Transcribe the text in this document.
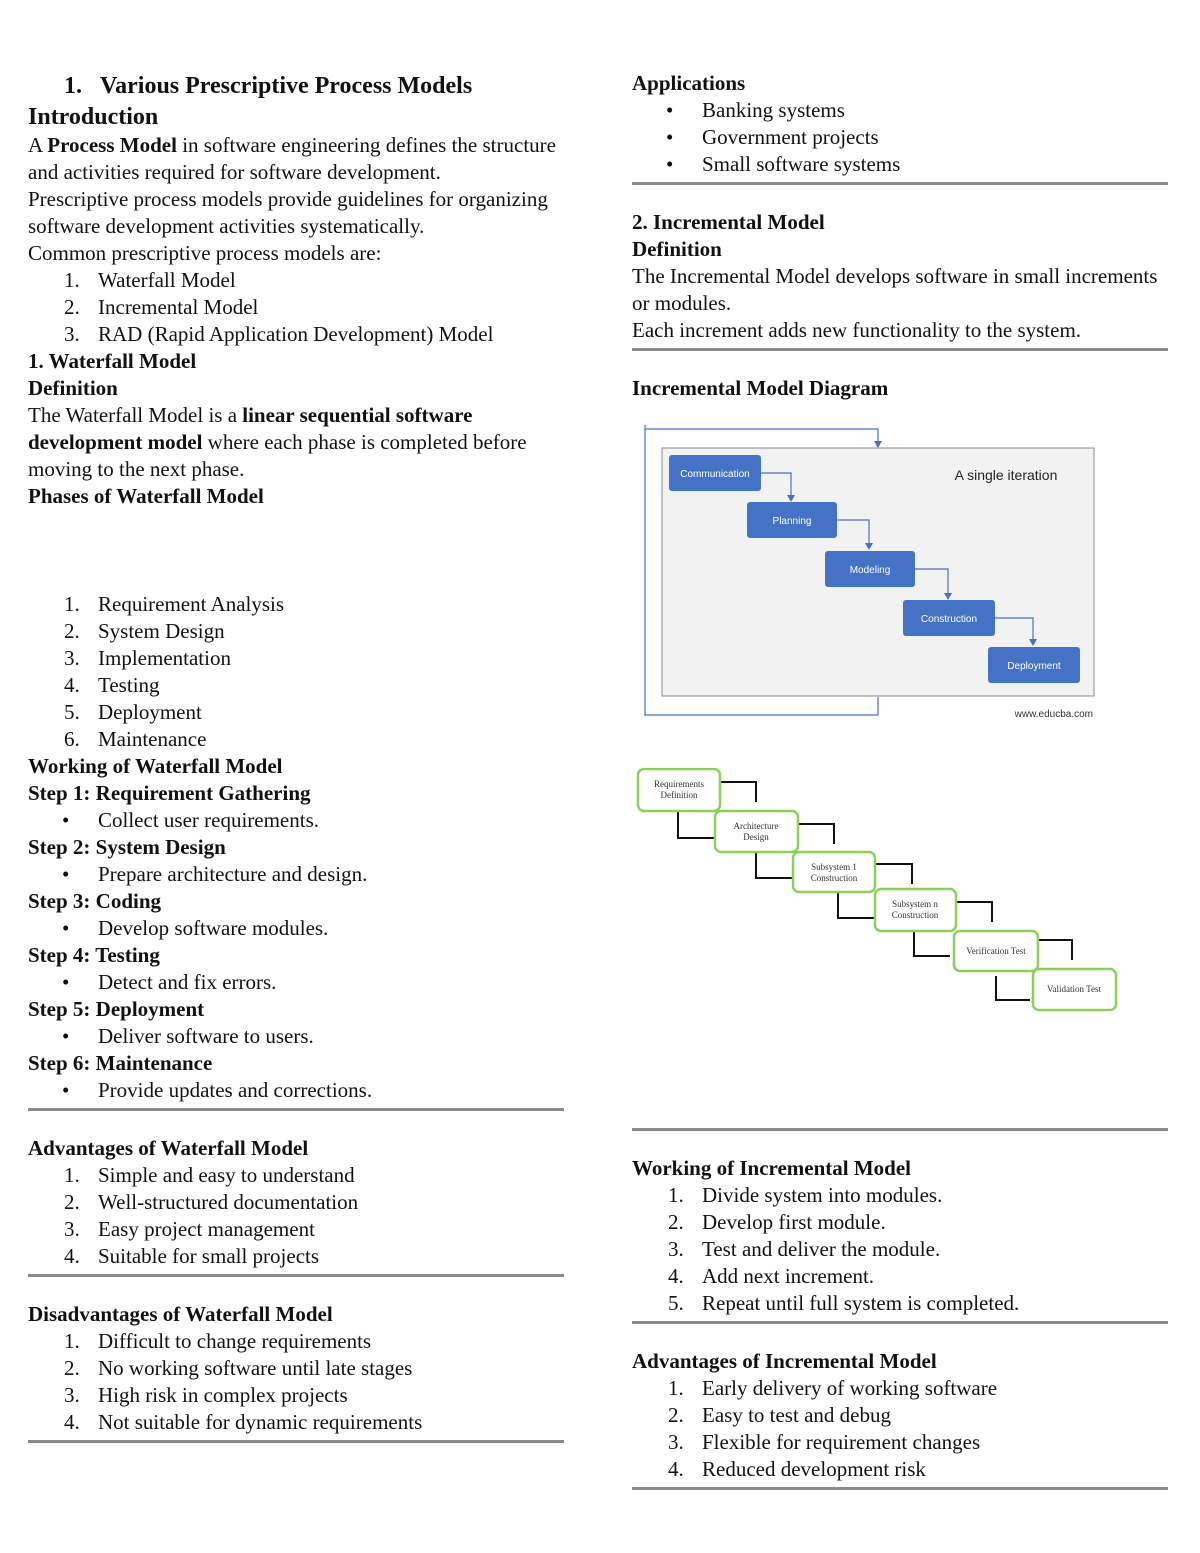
1. Various Prescriptive Process Models
Introduction

A Process Model in software engineering defines the structure and activities required for software development.

Prescriptive process models provide guidelines for organizing software development activities systematically.

Common prescriptive process models are:

1. Waterfall Model
2. Incremental Model
3. RAD (Rapid Application Development) Model
1. Waterfall Model
Definition

The Waterfall Model is a linear sequential software development model where each phase is completed before moving to the next phase.

Phases of Waterfall Model
1. Requirement Analysis
2. System Design
3. Implementation
4. Testing
5. Deployment
6. Maintenance
Working of Waterfall Model
Step 1: Requirement Gathering
• Collect user requirements.
Step 2: System Design
• Prepare architecture and design.
Step 3: Coding
• Develop software modules.
Step 4: Testing
• Detect and fix errors.
Step 5: Deployment
• Deliver software to users.
Step 6: Maintenance
• Provide updates and corrections.
Advantages of Waterfall Model
1. Simple and easy to understand
2. Well-structured documentation
3. Easy project management
4. Suitable for small projects
Disadvantages of Waterfall Model
1. Difficult to change requirements
2. No working software until late stages
3. High risk in complex projects
4. Not suitable for dynamic requirements
Applications
• Banking systems
• Government projects
• Small software systems
2. Incremental Model
Definition

The Incremental Model develops software in small increments or modules.

Each increment adds new functionality to the system.

Incremental Model Diagram
A single iteration
Communication
Planning
Modeling
Construction
Deployment
www.educba.com
Requirements
Definition
Architecture
Design
Subsystem 1
Construction
Subsystem n
Construction
Verification Test
Validation Test
Working of Incremental Model
1. Divide system into modules.
2. Develop first module.
3. Test and deliver the module.
4. Add next increment.
5. Repeat until full system is completed.
Advantages of Incremental Model
1. Early delivery of working software
2. Easy to test and debug
3. Flexible for requirement changes
4. Reduced development risk
